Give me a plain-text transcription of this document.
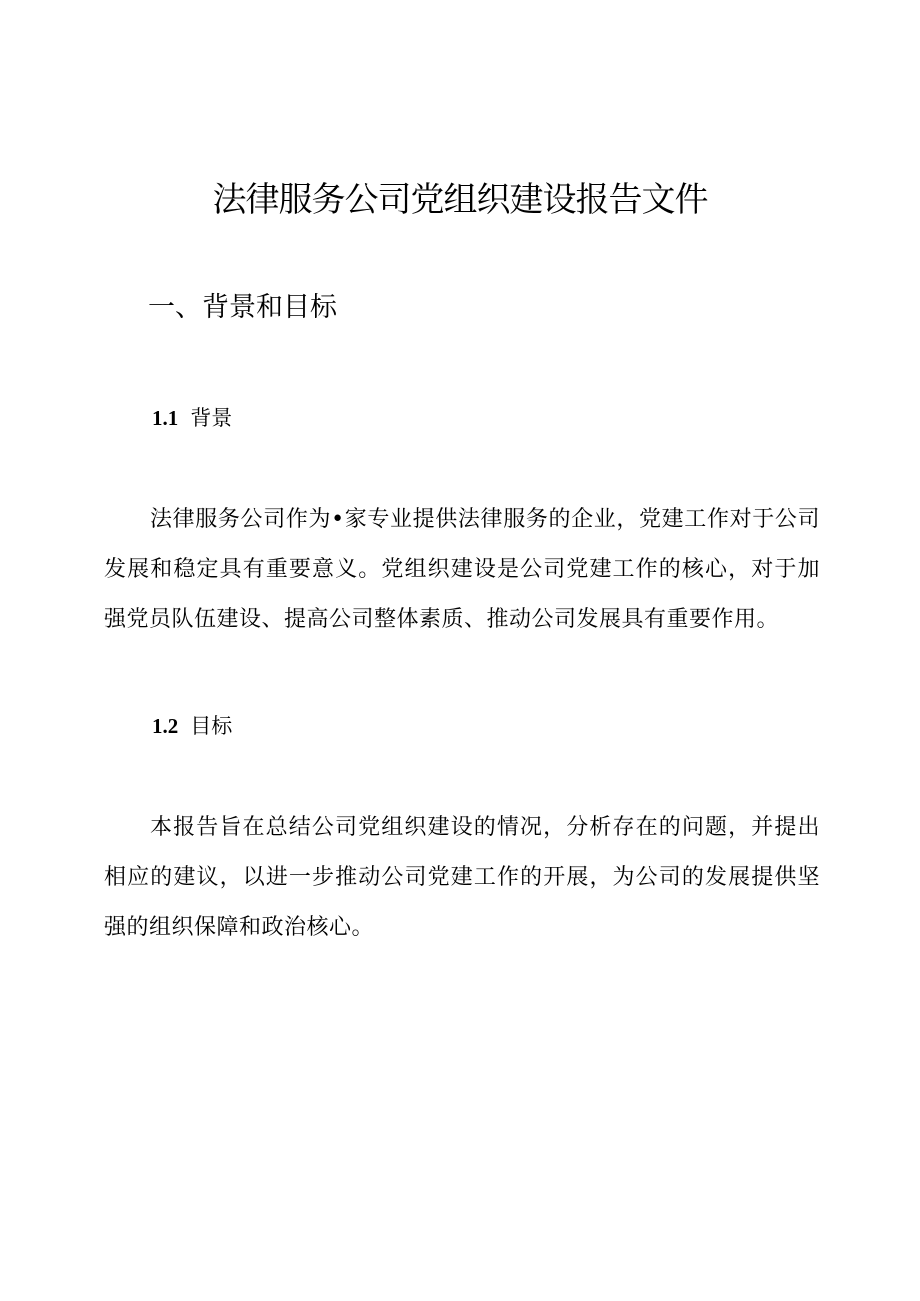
法律服务公司党组织建设报告文件
一、背景和目标
1.1 背景

法律服务公司作为•家专业提供法律服务的企业，党建工作对于公司发展和稳定具有重要意义。党组织建设是公司党建工作的核心，对于加强党员队伍建设、提高公司整体素质、推动公司发展具有重要作用。

1.2 目标

本报告旨在总结公司党组织建设的情况，分析存在的问题，并提出相应的建议，以进一步推动公司党建工作的开展，为公司的发展提供坚强的组织保障和政治核心。
